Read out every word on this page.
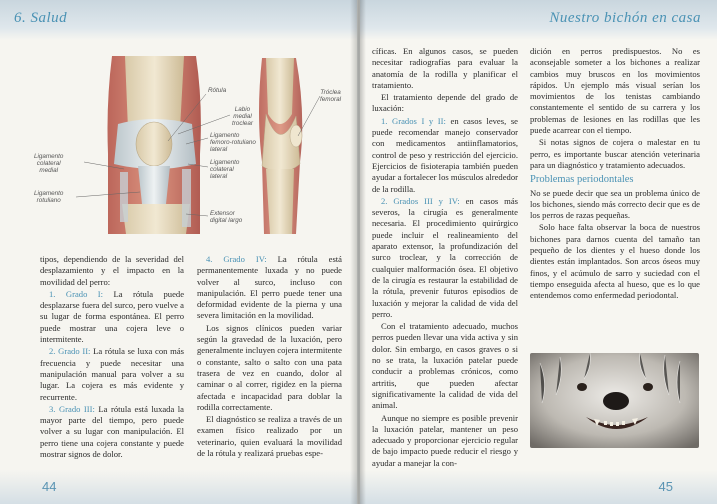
6. Salud
Rótula
Labio
medial
troclear
Ligamento
femoro-rotuliano
lateral
Ligamento
colateral
lateral
Extensor
digital largo
Ligamento
colateral
medial
Ligamento
rotuliano
Tróclea
femoral

tipos, dependiendo de la severidad del desplazamiento y el impacto en la movilidad del perro:

1. Grado I: La rótula puede desplazarse fuera del surco, pero vuelve a su lugar de forma espontánea. El perro puede mostrar una cojera leve o intermitente.

2. Grado II: La rótula se luxa con más frecuencia y puede necesitar una manipulación manual para volver a su lugar. La cojera es más evidente y recurrente.

3. Grado III: La rótula está luxada la mayor parte del tiempo, pero puede volver a su lugar con manipulación. El perro tiene una cojera constante y puede mostrar signos de dolor.

4. Grado IV: La rótula está permanentemente luxada y no puede volver al surco, incluso con manipulación. El perro puede tener una deformidad evidente de la pierna y una severa limitación en la movilidad.

Los signos clínicos pueden variar según la gravedad de la luxación, pero generalmente incluyen cojera intermitente o constante, salto o salto con una pata trasera de vez en cuando, dolor al caminar o al correr, rigidez en la pierna afectada e incapacidad para doblar la rodilla correctamente.

El diagnóstico se realiza a través de un examen físico realizado por un veterinario, quien evaluará la movilidad de la rótula y realizará pruebas espe-

44
Nuestro bichón en casa

cíficas. En algunos casos, se pueden necesitar radiografías para evaluar la anatomía de la rodilla y planificar el tratamiento.

El tratamiento depende del grado de luxación:

1. Grados I y II: en casos leves, se puede recomendar manejo conservador con medicamentos antiinflamatorios, control de peso y restricción del ejercicio. Ejercicios de fisioterapia también pueden ayudar a fortalecer los músculos alrededor de la rodilla.

2. Grados III y IV: en casos más severos, la cirugía es generalmente necesaria. El procedimiento quirúrgico puede incluir el realineamiento del aparato extensor, la profundización del surco troclear, y la corrección de cualquier malformación ósea. El objetivo de la cirugía es restaurar la estabilidad de la rótula, prevenir futuros episodios de luxación y mejorar la calidad de vida del perro.

Con el tratamiento adecuado, muchos perros pueden llevar una vida activa y sin dolor. Sin embargo, en casos graves o si no se trata, la luxación patelar puede conducir a problemas crónicos, como artritis, que pueden afectar significativamente la calidad de vida del animal.

Aunque no siempre es posible prevenir la luxación patelar, mantener un peso adecuado y proporcionar ejercicio regular de bajo impacto puede reducir el riesgo y ayudar a manejar la con-

dición en perros predispuestos. No es aconsejable someter a los bichones a realizar cambios muy bruscos en los movimientos rápidos. Un ejemplo más visual serían los movimientos de los tenistas cambiando constantemente el sentido de su carrera y los problemas de lesiones en las rodillas que les puede acarrear con el tiempo.

Si notas signos de cojera o malestar en tu perro, es importante buscar atención veterinaria para un diagnóstico y tratamiento adecuados.

Problemas periodontales

No se puede decir que sea un problema único de los bichones, siendo más correcto decir que es de los perros de razas pequeñas.

Solo hace falta observar la boca de nuestros bichones para darnos cuenta del tamaño tan pequeño de los dientes y el hueso donde los dientes están implantados. Son arcos óseos muy finos, y el acúmulo de sarro y suciedad con el tiempo enseguida afecta al hueso, que es lo que entendemos como enfermedad periodontal.

45
